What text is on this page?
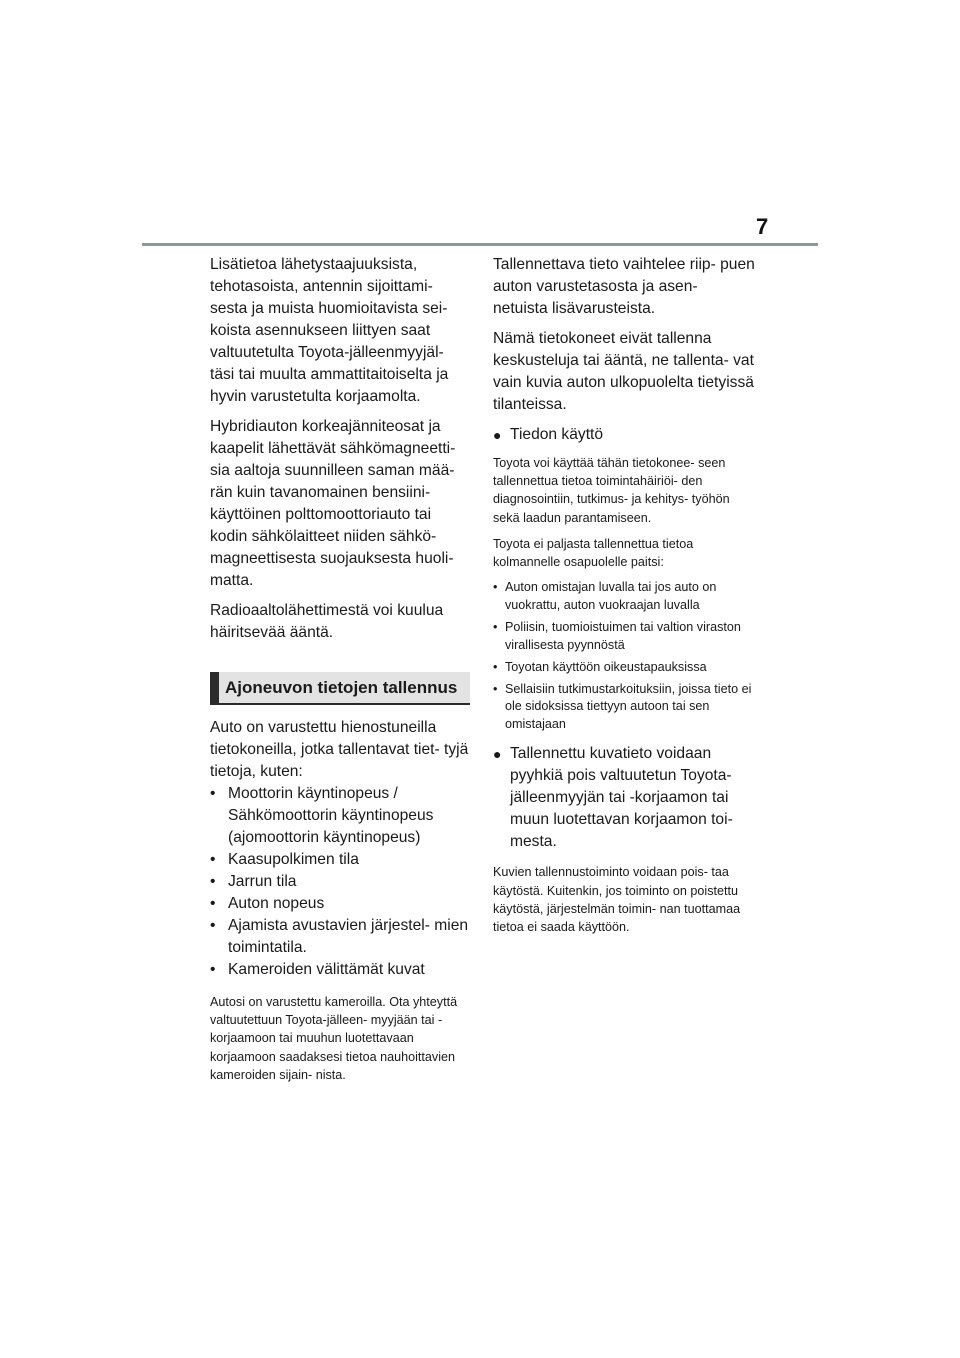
7

Lisätietoa lähetystaajuuksista, tehotasoista, antennin sijoittami- sesta ja muista huomioitavista sei- koista asennukseen liittyen saat valtuutetulta Toyota-jälleenmyyjäl- täsi tai muulta ammattitaitoiselta ja hyvin varustetulta korjaamolta.

Hybridiauton korkeajänniteosat ja kaapelit lähettävät sähkömagneetti- sia aaltoja suunnilleen saman mää- rän kuin tavanomainen bensiini- käyttöinen polttomoottoriauto tai kodin sähkölaitteet niiden sähkö- magneettisesta suojauksesta huoli- matta.

Radioaaltolähettimestä voi kuulua häiritsevää ääntä.

Ajoneuvon tietojen tallennus

Auto on varustettu hienostuneilla tietokoneilla, jotka tallentavat tiet- tyjä tietoja, kuten:

• Moottorin käyntinopeus / Sähkömoottorin käyntinopeus (ajomoottorin käyntinopeus)
• Kaasupolkimen tila
• Jarrun tila
• Auton nopeus
• Ajamista avustavien järjestel- mien toimintatila.
• Kameroiden välittämät kuvat

Autosi on varustettu kameroilla. Ota yhteyttä valtuutettuun Toyota-jälleen- myyjään tai -korjaamoon tai muuhun luotettavaan korjaamoon saadaksesi tietoa nauhoittavien kameroiden sijain- nista.

Tallennettava tieto vaihtelee riip- puen auton varustetasosta ja asen- netuista lisävarusteista.

Nämä tietokoneet eivät tallenna keskusteluja tai ääntä, ne tallenta- vat vain kuvia auton ulkopuolelta tietyissä tilanteissa.

● Tiedon käyttö

Toyota voi käyttää tähän tietokonee- seen tallennettua tietoa toimintahäiriöi- den diagnosointiin, tutkimus- ja kehitys- työhön sekä laadun parantamiseen.

Toyota ei paljasta tallennettua tietoa kolmannelle osapuolelle paitsi:

• Auton omistajan luvalla tai jos auto on vuokrattu, auton vuokraajan luvalla
• Poliisin, tuomioistuimen tai valtion viraston virallisesta pyynnöstä
• Toyotan käyttöön oikeustapauksissa
• Sellaisiin tutkimustarkoituksiin, joissa tieto ei ole sidoksissa tiettyyn autoon tai sen omistajaan
● Tallennettu kuvatieto voidaan pyyhkiä pois valtuutetun Toyota- jälleenmyyjän tai -korjaamon tai muun luotettavan korjaamon toi- mesta.

Kuvien tallennustoiminto voidaan pois- taa käytöstä. Kuitenkin, jos toiminto on poistettu käytöstä, järjestelmän toimin- nan tuottamaa tietoa ei saada käyttöön.
